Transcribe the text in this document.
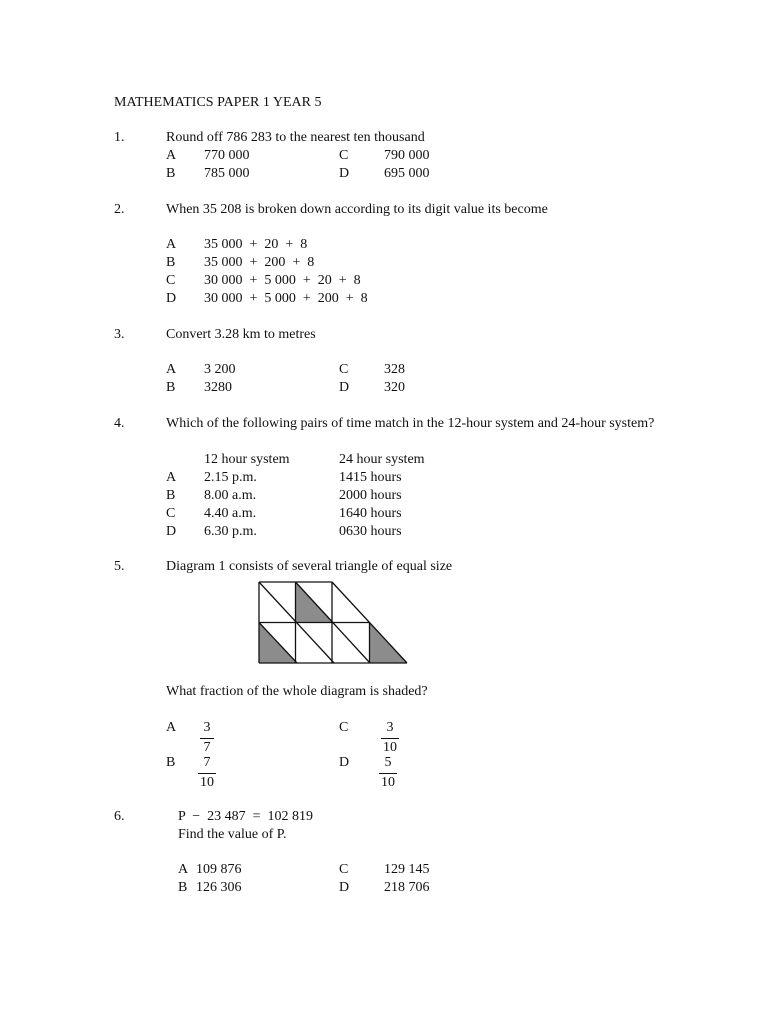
MATHEMATICS PAPER 1 YEAR 5
1.	Round off 786 283 to the nearest ten thousand
A 770 000	C	790 000
B 785 000	D 695 000
2.	When 35 208 is broken down according to its digit value its become
A 35 000  +  20  +  8
B 35 000  +  200  +  8
C 30 000  +  5 000  +  20  +  8
D 30 000  +  5 000  +  200  +  8
3.	Convert 3.28 km to metres
A 3 200	C	328
B 3280	D 320
4.	Which of the following pairs of time match in the 12-hour system and 24-hour system?
12 hour system	24 hour system
A 2.15 p.m.	1415 hours
B 8.00 a.m.	2000 hours
C 4.40 a.m.	1640 hours
D 6.30 p.m.	0630 hours
5.	Diagram 1 consists of several triangle of equal size
What fraction of the whole diagram is shaded?
A $\frac{3}{7}$	C $\frac{3}{10}$
B $\frac{7}{10}$	D $\frac{5}{10}$
6.	P  −  23 487  =  102 819
Find the value of P.
A 109 876	C	129 145
B 126 306	D 218 706
